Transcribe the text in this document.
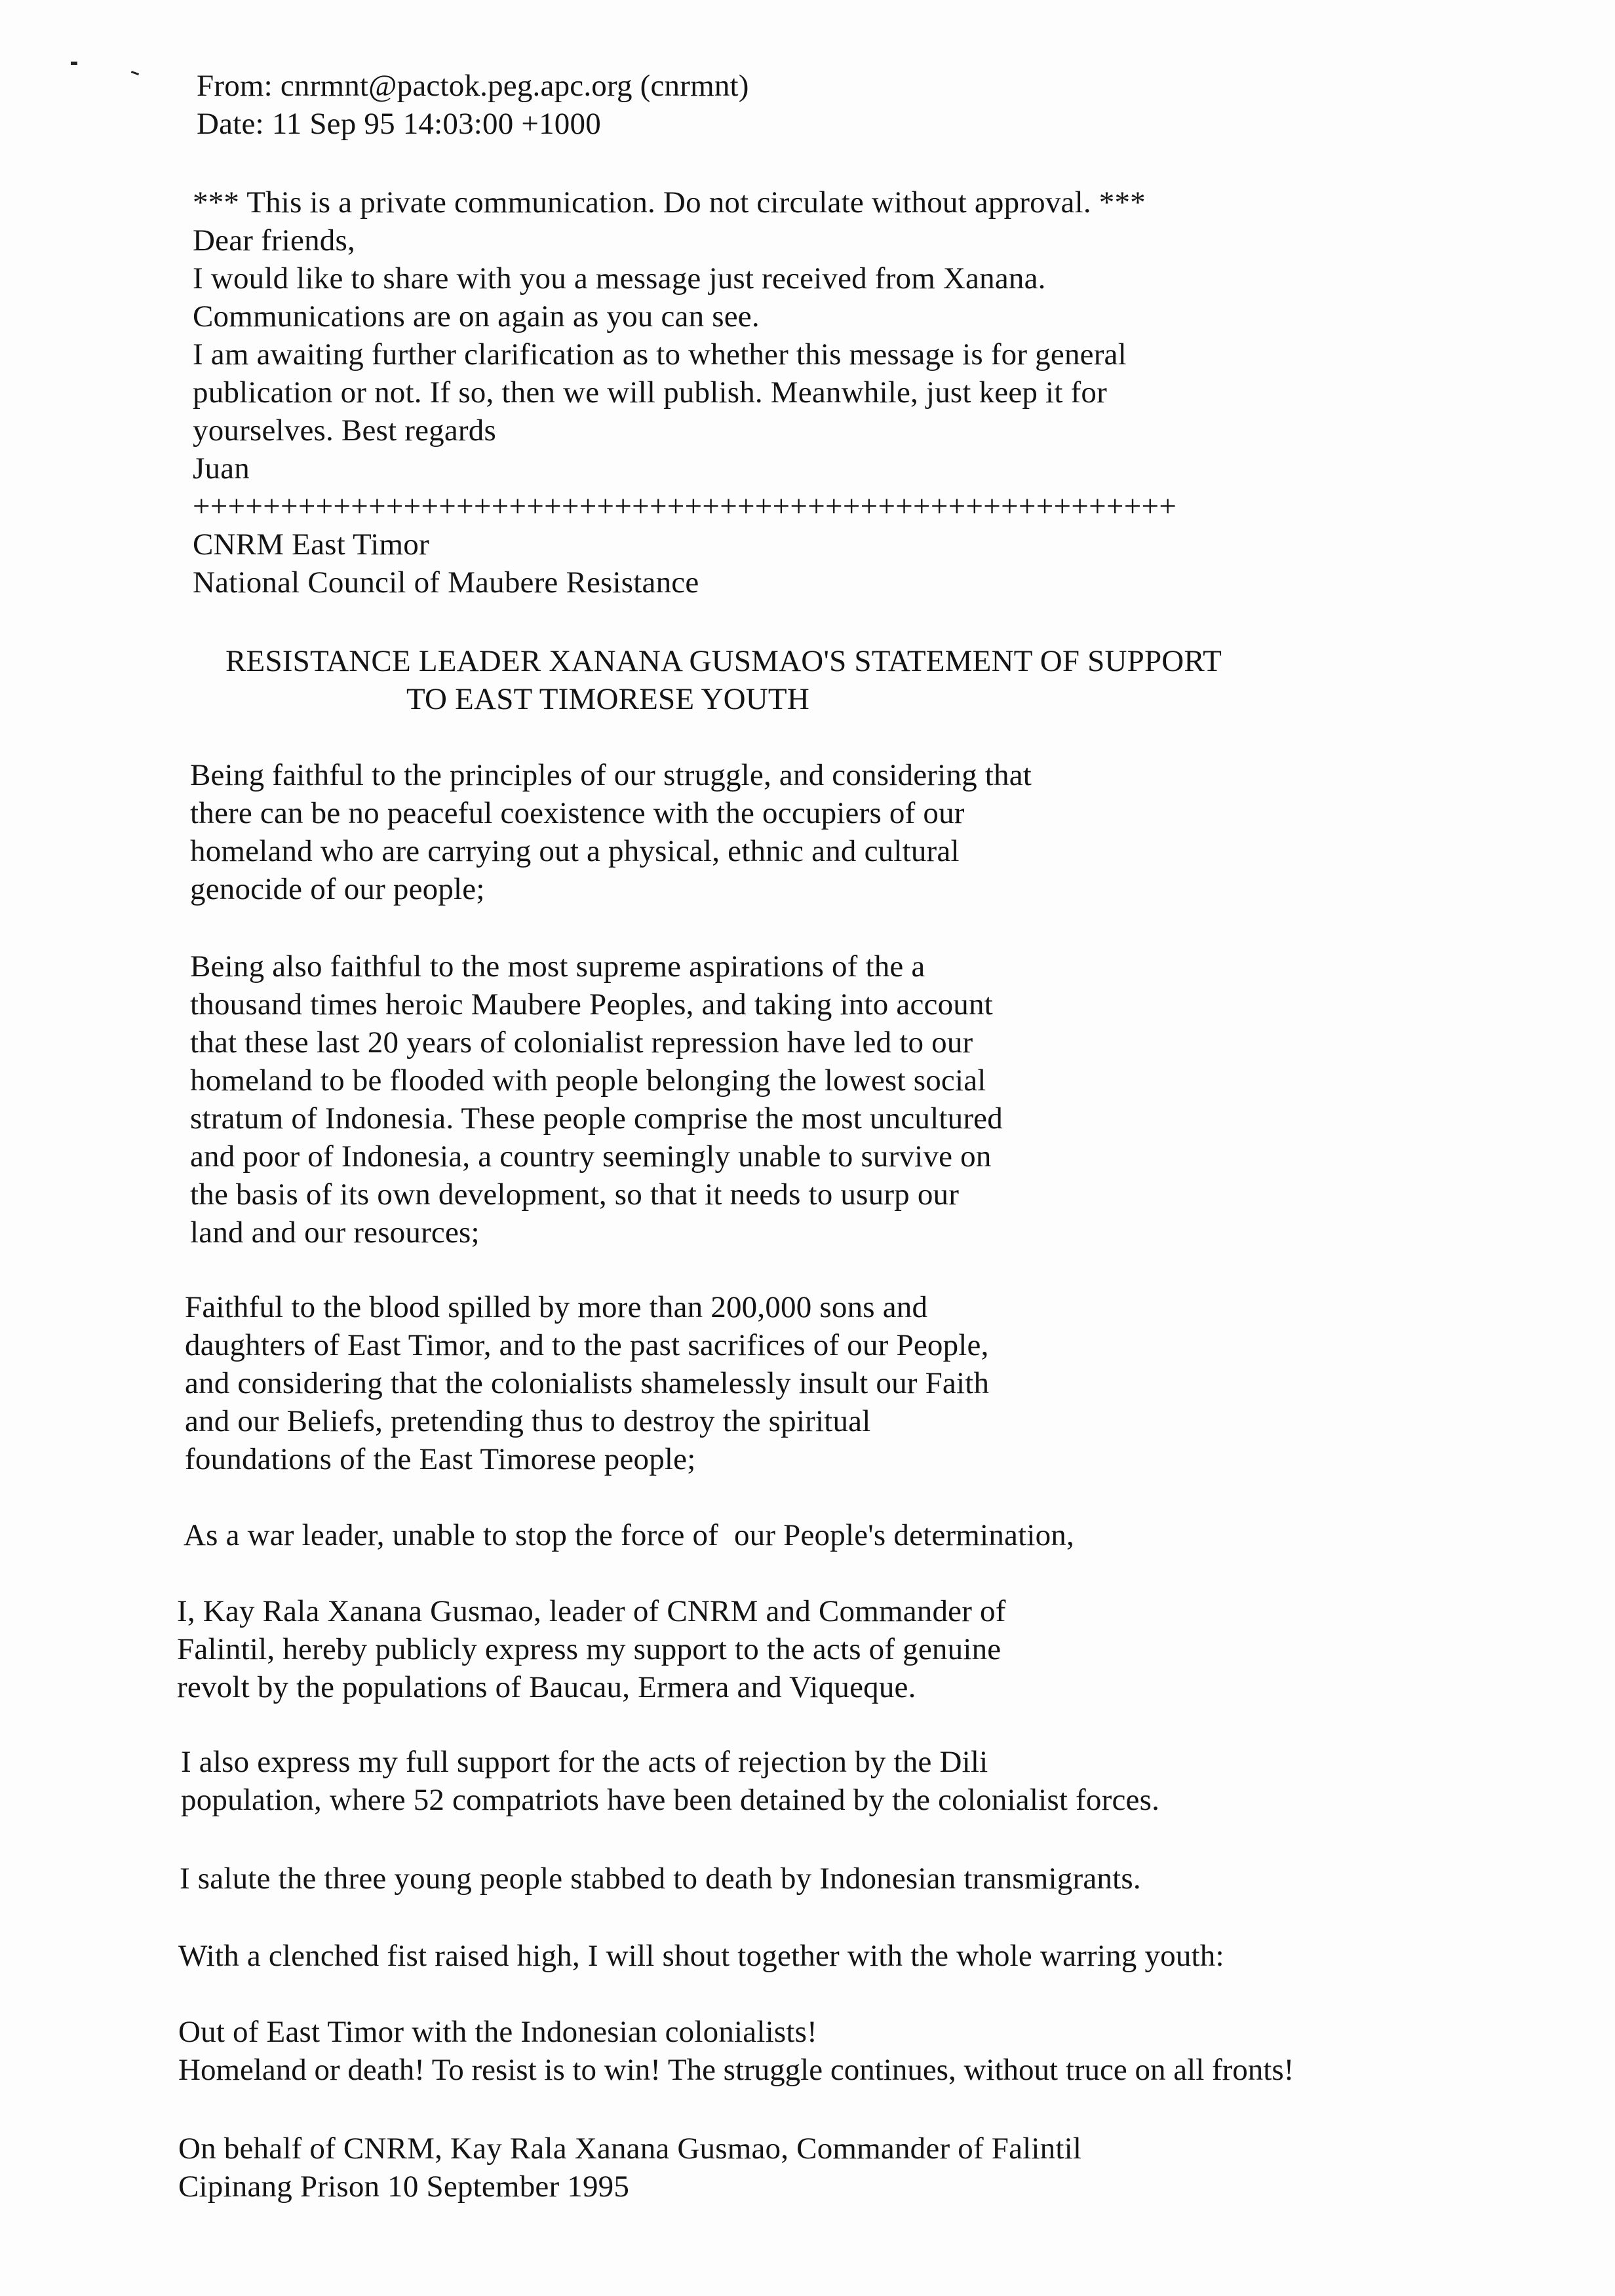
From: cnrmnt@pactok.peg.apc.org (cnrmnt)
Date: 11 Sep 95 14:03:00 +1000
*** This is a private communication. Do not circulate without approval. ***
Dear friends,
I would like to share with you a message just received from Xanana.
Communications are on again as you can see.
I am awaiting further clarification as to whether this message is for general
publication or not. If so, then we will publish. Meanwhile, just keep it for
yourselves. Best regards
Juan
++++++++++++++++++++++++++++++++++++++++++++++++++++++++
CNRM East Timor
National Council of Maubere Resistance
RESISTANCE LEADER XANANA GUSMAO'S STATEMENT OF SUPPORT
TO EAST TIMORESE YOUTH
Being faithful to the principles of our struggle, and considering that
there can be no peaceful coexistence with the occupiers of our
homeland who are carrying out a physical, ethnic and cultural
genocide of our people;
Being also faithful to the most supreme aspirations of the a
thousand times heroic Maubere Peoples, and taking into account
that these last 20 years of colonialist repression have led to our
homeland to be flooded with people belonging the lowest social
stratum of Indonesia. These people comprise the most uncultured
and poor of Indonesia, a country seemingly unable to survive on
the basis of its own development, so that it needs to usurp our
land and our resources;
Faithful to the blood spilled by more than 200,000 sons and
daughters of East Timor, and to the past sacrifices of our People,
and considering that the colonialists shamelessly insult our Faith
and our Beliefs, pretending thus to destroy the spiritual
foundations of the East Timorese people;
As a war leader, unable to stop the force of  our People's determination,
I, Kay Rala Xanana Gusmao, leader of CNRM and Commander of
Falintil, hereby publicly express my support to the acts of genuine
revolt by the populations of Baucau, Ermera and Viqueque.
I also express my full support for the acts of rejection by the Dili
population, where 52 compatriots have been detained by the colonialist forces.
I salute the three young people stabbed to death by Indonesian transmigrants.
With a clenched fist raised high, I will shout together with the whole warring youth:
Out of East Timor with the Indonesian colonialists!
Homeland or death! To resist is to win! The struggle continues, without truce on all fronts!
On behalf of CNRM, Kay Rala Xanana Gusmao, Commander of Falintil
Cipinang Prison 10 September 1995
